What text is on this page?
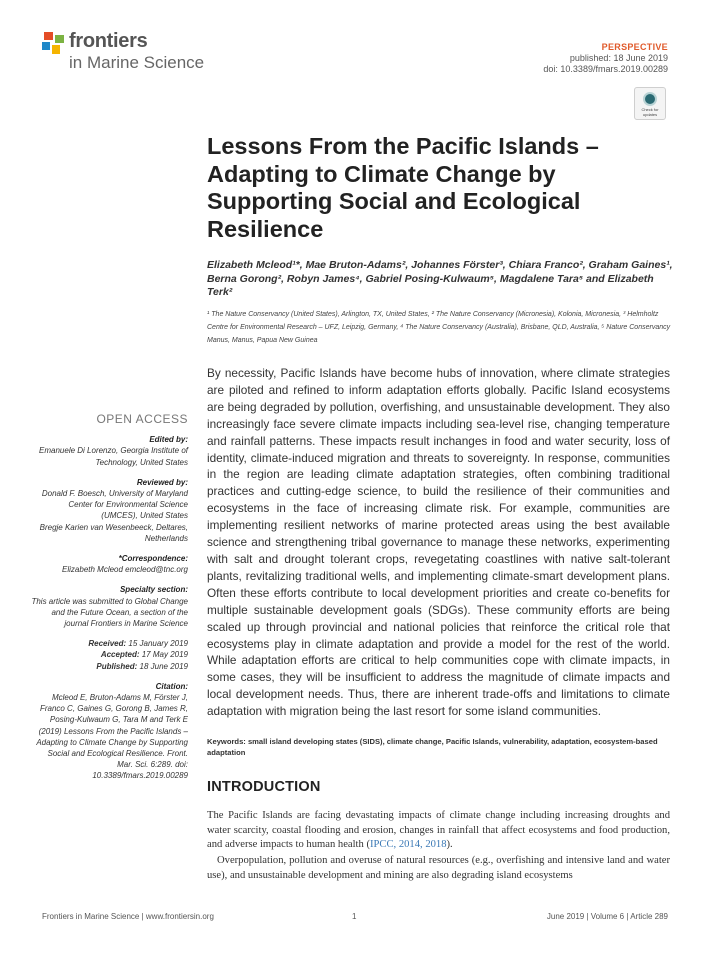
frontiers
in Marine Science
PERSPECTIVE
published: 18 June 2019
doi: 10.3389/fmars.2019.00289
Check for
updates
Lessons From the Pacific Islands – Adapting to Climate Change by Supporting Social and Ecological Resilience
Elizabeth Mcleod¹*, Mae Bruton-Adams², Johannes Förster³, Chiara Franco², Graham Gaines¹, Berna Gorong², Robyn James⁴, Gabriel Posing-Kulwaum⁵, Magdalene Tara⁵ and Elizabeth Terk²
¹ The Nature Conservancy (United States), Arlington, TX, United States, ² The Nature Conservancy (Micronesia), Kolonia, Micronesia, ³ Helmholtz Centre for Environmental Research – UFZ, Leipzig, Germany, ⁴ The Nature Conservancy (Australia), Brisbane, QLD, Australia, ⁵ Nature Conservancy Manus, Manus, Papua New Guinea
OPEN ACCESS
Edited by:
Emanuele Di Lorenzo, Georgia Institute of Technology, United States
Reviewed by:
Donald F. Boesch, University of Maryland Center for Environmental Science (UMCES), United States
Bregje Karien van Wesenbeeck, Deltares, Netherlands
*Correspondence:
Elizabeth Mcleod emcleod@tnc.org
Specialty section:
This article was submitted to Global Change and the Future Ocean, a section of the journal Frontiers in Marine Science
Received: 15 January 2019
Accepted: 17 May 2019
Published: 18 June 2019
Citation:
Mcleod E, Bruton-Adams M, Förster J, Franco C, Gaines G, Gorong B, James R, Posing-Kulwaum G, Tara M and Terk E (2019) Lessons From the Pacific Islands – Adapting to Climate Change by Supporting Social and Ecological Resilience. Front. Mar. Sci. 6:289. doi: 10.3389/fmars.2019.00289

By necessity, Pacific Islands have become hubs of innovation, where climate strategies are piloted and refined to inform adaptation efforts globally. Pacific Island ecosystems are being degraded by pollution, overfishing, and unsustainable development. They also increasingly face severe climate impacts including sea-level rise, changing temperature and rainfall patterns. These impacts result inchanges in food and water security, loss of identity, climate-induced migration and threats to sovereignty. In response, communities in the region are leading climate adaptation strategies, often combining traditional practices and cutting-edge science, to build the resilience of their communities and ecosystems in the face of increasing climate risk. For example, communities are implementing resilient networks of marine protected areas using the best available science and strengthening tribal governance to manage these networks, experimenting with salt and drought tolerant crops, revegetating coastlines with native salt-tolerant plants, revitalizing traditional wells, and implementing climate-smart development plans. Often these efforts contribute to local development priorities and create co-benefits for multiple sustainable development goals (SDGs). These community efforts are being scaled up through provincial and national policies that reinforce the critical role that ecosystems play in climate adaptation and provide a model for the rest of the world. While adaptation efforts are critical to help communities cope with climate impacts, in some cases, they will be insufficient to address the magnitude of climate impacts and local development needs. Thus, there are inherent trade-offs and limitations to climate adaptation with migration being the last resort for some island communities.

Keywords: small island developing states (SIDS), climate change, Pacific Islands, vulnerability, adaptation, ecosystem-based adaptation
INTRODUCTION

The Pacific Islands are facing devastating impacts of climate change including increasing droughts and water scarcity, coastal flooding and erosion, changes in rainfall that affect ecosystems and food production, and adverse impacts to human health (IPCC, 2014, 2018).

Overpopulation, pollution and overuse of natural resources (e.g., overfishing and intensive land and water use), and unsustainable development and mining are also degrading island ecosystems

Frontiers in Marine Science | www.frontiersin.org	1	June 2019 | Volume 6 | Article 289
